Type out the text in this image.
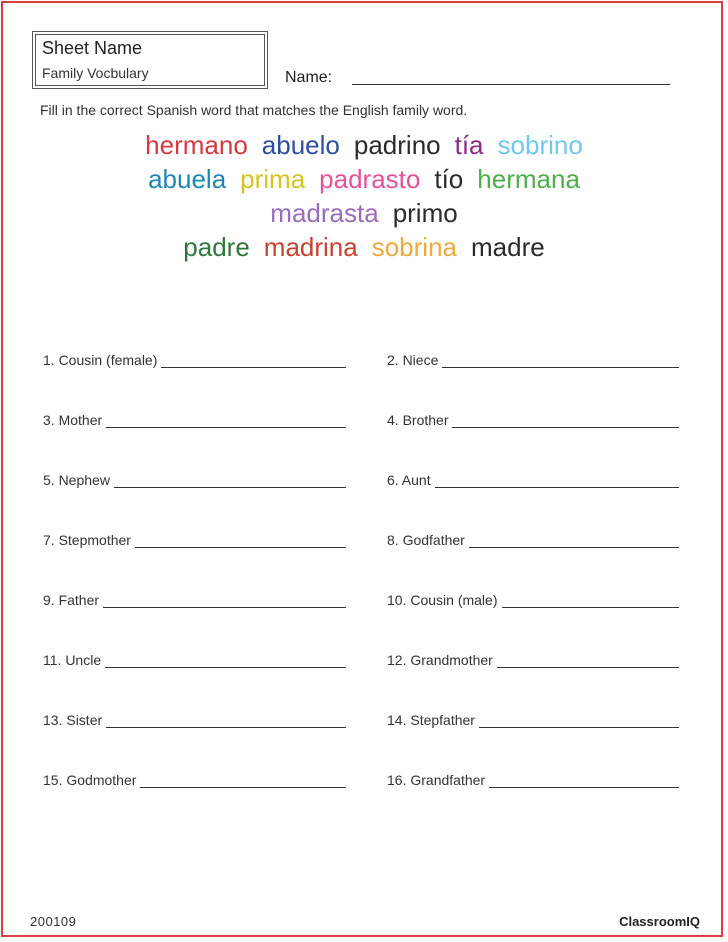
Sheet Name
Family Vocbulary	Name:
Fill in the correct Spanish word that matches the English family word.
hermano abuelo padrino tía sobrino
abuela prima padrasto tío hermana
madrasta primo
padre madrina sobrina madre
1. Cousin (female)	2. Niece
3. Mother	4. Brother
5. Nephew	6. Aunt
7. Stepmother	8. Godfather
9. Father	10. Cousin (male)
11. Uncle	12. Grandmother
13. Sister	14. Stepfather
15. Godmother	16. Grandfather
200109	ClassroomIQ
